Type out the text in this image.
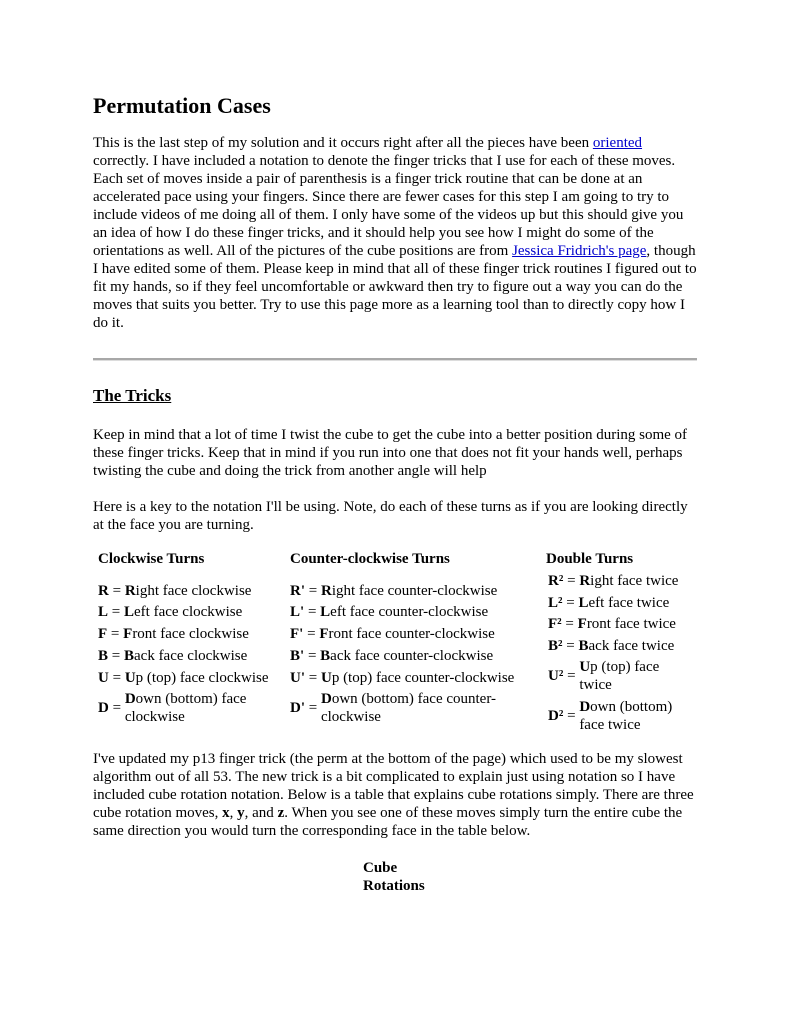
Permutation Cases

This is the last step of my solution and it occurs right after all the pieces have been oriented correctly. I have included a notation to denote the finger tricks that I use for each of these moves. Each set of moves inside a pair of parenthesis is a finger trick routine that can be done at an accelerated pace using your fingers. Since there are fewer cases for this step I am going to try to include videos of me doing all of them. I only have some of the videos up but this should give you an idea of how I do these finger tricks, and it should help you see how I might do some of the orientations as well. All of the pictures of the cube positions are from Jessica Fridrich's page, though I have edited some of them. Please keep in mind that all of these finger trick routines I figured out to fit my hands, so if they feel uncomfortable or awkward then try to figure out a way you can do the moves that suits you better. Try to use this page more as a learning tool than to directly copy how I do it.

The Tricks

Keep in mind that a lot of time I twist the cube to get the cube into a better position during some of these finger tricks. Keep that in mind if you run into one that does not fit your hands well, perhaps twisting the cube and doing the trick from another angle will help

Here is a key to the notation I'll be using. Note, do each of these turns as if you are looking directly at the face you are turning.

Clockwise Turns
R = R ight face clockwise
L = L eft face clockwise
F = F ront face clockwise
B = B ack face clockwise
U = U p (top) face clockwise
D =
Down (bottom) face clockwise
Counter-clockwise Turns
R' = R ight face counter-clockwise
L' = L eft face counter-clockwise
F' = F ront face counter-clockwise
B' = B ack face counter-clockwise
U' = U p (top) face counter-clockwise
D' =
Down (bottom) face counter-clockwise
Double Turns
R² = R ight face twice
L² = L eft face twice
F² = F ront face twice
B² = B ack face twice
U² =
Up (top) face twice
D² =
Down (bottom) face twice

I've updated my p13 finger trick (the perm at the bottom of the page) which used to be my slowest algorithm out of all 53. The new trick is a bit complicated to explain just using notation so I have included cube rotation notation. Below is a table that explains cube rotations simply. There are three cube rotation moves, x, y, and z. When you see one of these moves simply turn the entire cube the same direction you would turn the corresponding face in the table below.

Cube Rotations
